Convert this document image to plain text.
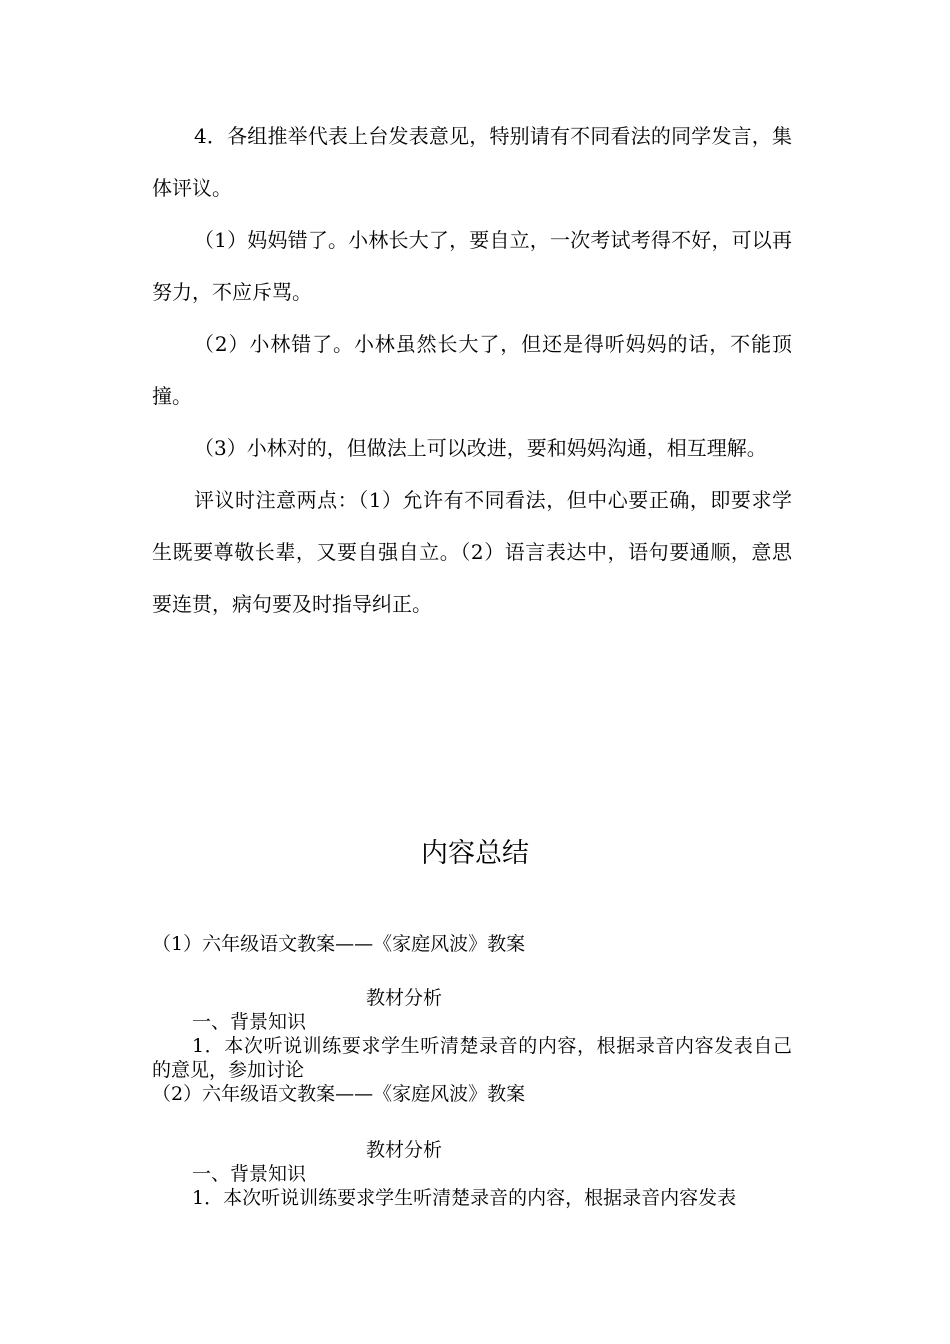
4．各组推举代表上台发表意见，特别请有不同看法的同学发言，集体评议。

（1）妈妈错了。小林长大了，要自立，一次考试考得不好，可以再努力，不应斥骂。

（2）小林错了。小林虽然长大了，但还是得听妈妈的话，不能顶撞。

（3）小林对的，但做法上可以改进，要和妈妈沟通，相互理解。

评议时注意两点：（1）允许有不同看法，但中心要正确，即要求学生既要尊敬长辈，又要自强自立。（2）语言表达中，语句要通顺，意思要连贯，病句要及时指导纠正。

内容总结

（1）六年级语文教案——《家庭风波》教案

教材分析

一、背景知识

1．本次听说训练要求学生听清楚录音的内容，根据录音内容发表自己的意见，参加讨论

（2）六年级语文教案——《家庭风波》教案

教材分析

一、背景知识

1．本次听说训练要求学生听清楚录音的内容，根据录音内容发表
